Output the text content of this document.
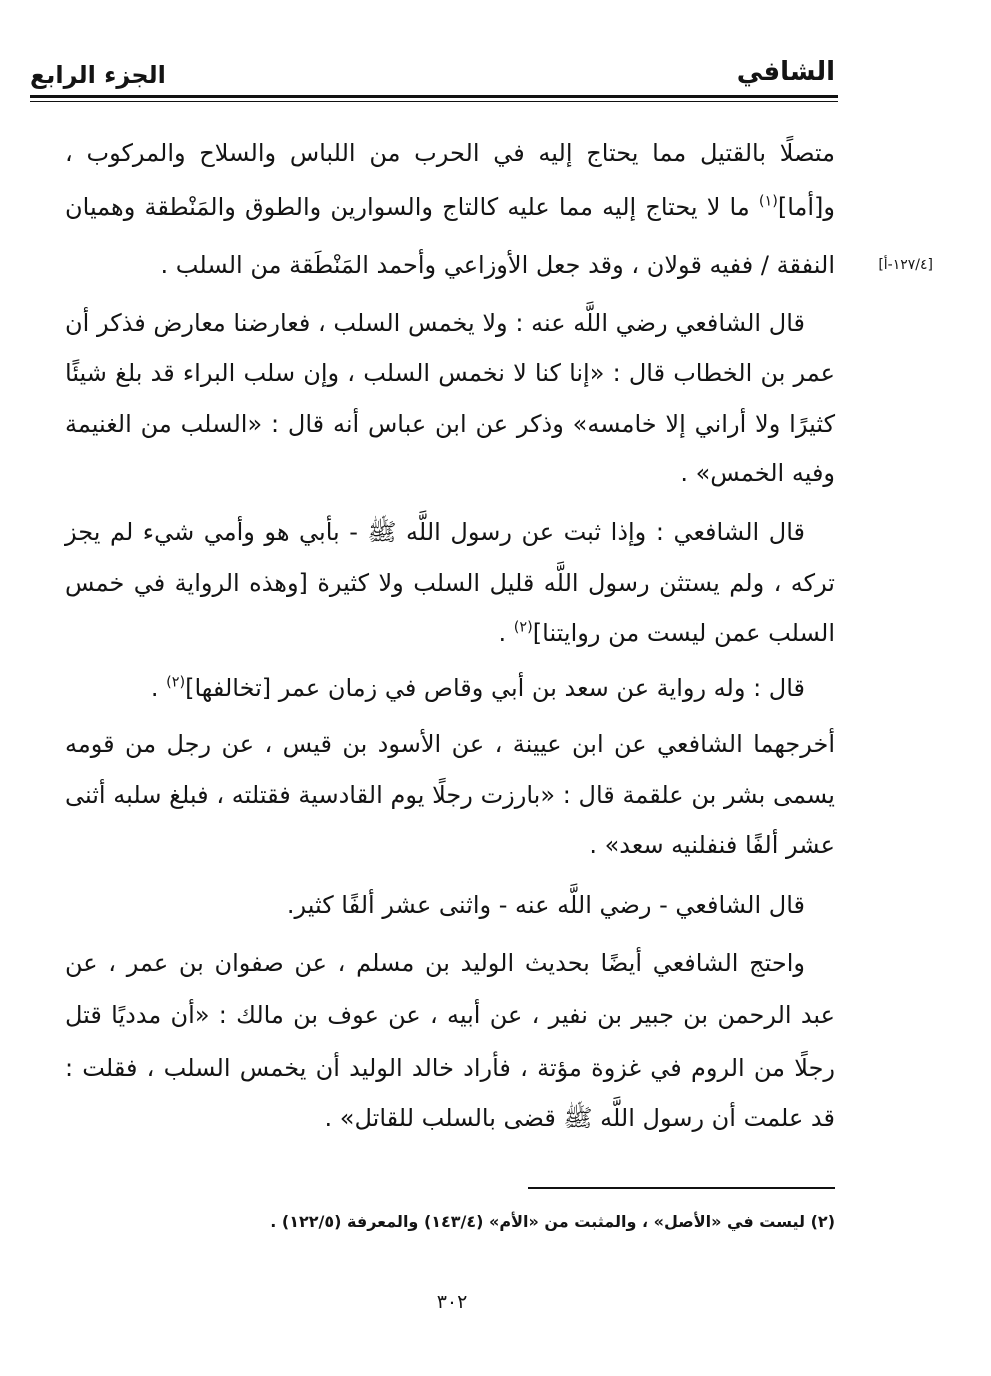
الشافي
الجزء الرابع
[١٢٧/٤-أ]
متصلًا بالقتيل مما يحتاج إليه في الحرب من اللباس والسلاح والمركوب ،
و[أما]$^{(١)}$ ما لا يحتاج إليه مما عليه كالتاج والسوارين والطوق والمَنْطقة وهميان
النفقة / ففيه قولان ، وقد جعل الأوزاعي وأحمد المَنْطَقة من السلب .
قال الشافعي رضي اللَّه عنه : ولا يخمس السلب ، فعارضنا معارض فذكر أن
عمر بن الخطاب قال : «إنا كنا لا نخمس السلب ، وإن سلب البراء قد بلغ شيئًا
كثيرًا ولا أراني إلا خامسه» وذكر عن ابن عباس أنه قال : «السلب من الغنيمة
وفيه الخمس» .
قال الشافعي : وإذا ثبت عن رسول اللَّه ﷺ - بأبي هو وأمي شيء لم يجز
تركه ، ولم يستثن رسول اللَّه قليل السلب ولا كثيرة [وهذه الرواية في خمس
السلب عمن ليست من روايتنا]$^{(٢)}$ .
قال : وله رواية عن سعد بن أبي وقاص في زمان عمر [تخالفها]$^{(٢)}$ .
أخرجهما الشافعي عن ابن عيينة ، عن الأسود بن قيس ، عن رجل من قومه
يسمى بشر بن علقمة قال : «بارزت رجلًا يوم القادسية فقتلته ، فبلغ سلبه أثنى
عشر ألفًا فنفلنيه سعد» .
قال الشافعي - رضي اللَّه عنه - واثنى عشر ألفًا كثير.
واحتج الشافعي أيضًا بحديث الوليد بن مسلم ، عن صفوان بن عمر ، عن
عبد الرحمن بن جبير بن نفير ، عن أبيه ، عن عوف بن مالك : «أن مدديًا قتل
رجلًا من الروم في غزوة مؤتة ، فأراد خالد الوليد أن يخمس السلب ، فقلت :
قد علمت أن رسول اللَّه ﷺ قضى بالسلب للقاتل» .
(٢) ليست في «الأصل» ، والمثبت من «الأم» (١٤٣/٤) والمعرفة (١٢٢/٥) .
٣٠٢
